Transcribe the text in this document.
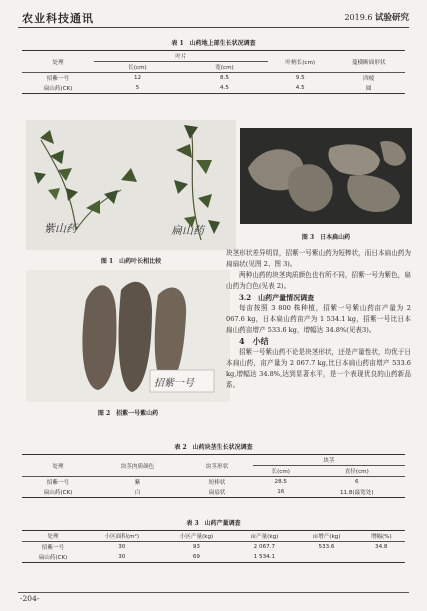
农业科技通讯	2019.6 试验研究
表 1　山药地上部生长状况调查
处理	叶片		叶柄长(cm)	蔓横断面形状
	长(cm)	宽(cm)		
招紫一号	12	8.5	9.5	四棱
扁山药(CK)	5	4.5	4.5	圆
紫山药	扁山药
图 1　山药叶长相比较
图 3　日本扁山药
招紫一号
图 2　招紫一号紫山药

块茎形状差异明显，招紫一号紫山药为短棒状，而日本扁山药为扁扇状(见图 2、图 3)。

两种山药的块茎肉质颜色也有所不同，招紫一号为紫色，扁山药为白色(见表 2)。

3.2　山药产量情况调查

每亩按照 3 800 株种植，招紫一号紫山药亩产量为 2 067.6 kg，日本扁山药亩产为 1 534.1 kg，招紫一号比日本扁山药亩增产 533.6 kg，增幅达 34.8%(见表3)。

4　小结

招紫一号紫山药不论是块茎形状，还是产量性状，均优于日本扁山药，亩产量为 2 067.7 kg,比日本扁山药亩增产 533.6 kg,增幅达 34.8%,达到显著水平，是一个表现优良的山药新品系。

表 2　山药块茎生长状况调查
处理	块茎肉质颜色	块茎形状	块茎	
			长(cm)	直径(cm)
招紫一号	紫	短棒状	28.5	6
扁山药(CK)	白	扁扇状	16	11.8(最宽处)
表 3　山药产量调查
处理	小区面积(m²)	小区产量(kg)	亩产量(kg)	亩增产(kg)	增幅(%)
招紫一号	30	93	2 067.7	533.6	34.8
扁山药(CK)	30	69	1 534.1		
-204-
